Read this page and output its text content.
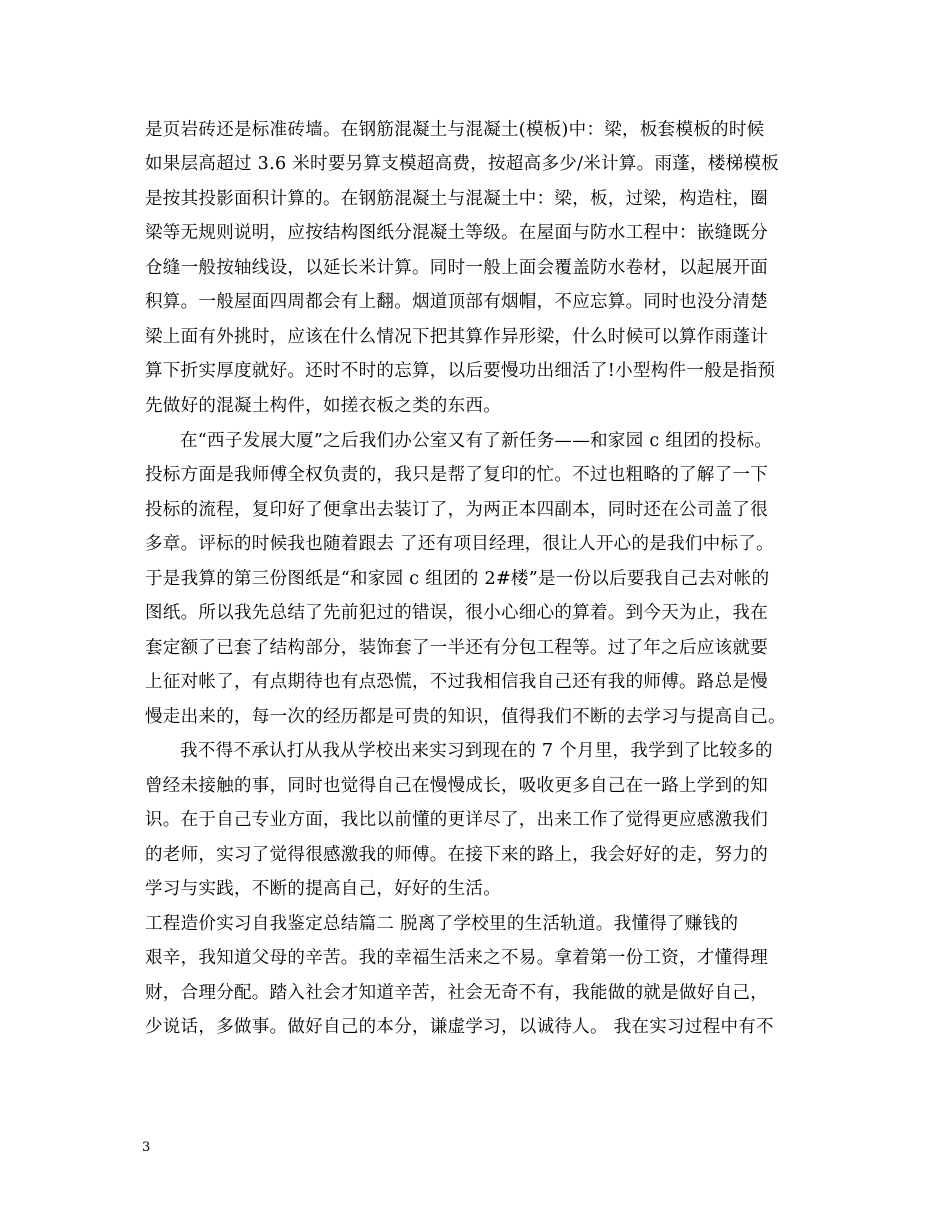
是页岩砖还是标准砖墙。在钢筋混凝土与混凝土(模板)中：梁，板套模板的时候
如果层高超过 3.6 米时要另算支模超高费，按超高多少/米计算。雨蓬，楼梯模板
是按其投影面积计算的。在钢筋混凝土与混凝土中：梁，板，过梁，构造柱，圈
梁等无规则说明，应按结构图纸分混凝土等级。在屋面与防水工程中：嵌缝既分
仓缝一般按轴线设，以延长米计算。同时一般上面会覆盖防水卷材，以起展开面
积算。一般屋面四周都会有上翻。烟道顶部有烟帽，不应忘算。同时也没分清楚
梁上面有外挑时，应该在什么情况下把其算作异形梁，什么时候可以算作雨蓬计
算下折实厚度就好。还时不时的忘算，以后要慢功出细活了!小型构件一般是指预
先做好的混凝土构件，如搓衣板之类的东西。
在“西子发展大厦”之后我们办公室又有了新任务——和家园 c 组团的投标。
投标方面是我师傅全权负责的，我只是帮了复印的忙。不过也粗略的了解了一下
投标的流程，复印好了便拿出去装订了，为两正本四副本，同时还在公司盖了很
多章。评标的时候我也随着跟去 了还有项目经理，很让人开心的是我们中标了。
于是我算的第三份图纸是“和家园 c 组团的 2#楼”是一份以后要我自己去对帐的
图纸。所以我先总结了先前犯过的错误，很小心细心的算着。到今天为止，我在
套定额了已套了结构部分，装饰套了一半还有分包工程等。过了年之后应该就要
上征对帐了，有点期待也有点恐慌，不过我相信我自己还有我的师傅。路总是慢
慢走出来的，每一次的经历都是可贵的知识，值得我们不断的去学习与提高自己。
我不得不承认打从我从学校出来实习到现在的 7 个月里，我学到了比较多的
曾经未接触的事，同时也觉得自己在慢慢成长，吸收更多自己在一路上学到的知
识。在于自己专业方面，我比以前懂的更详尽了，出来工作了觉得更应感激我们
的老师，实习了觉得很感激我的师傅。在接下来的路上，我会好好的走，努力的
学习与实践，不断的提高自己，好好的生活。
工程造价实习自我鉴定总结篇二 脱离了学校里的生活轨道。我懂得了赚钱的
艰辛，我知道父母的辛苦。我的幸福生活来之不易。拿着第一份工资，才懂得理
财，合理分配。踏入社会才知道辛苦，社会无奇不有，我能做的就是做好自己，
少说话，多做事。做好自己的本分，谦虚学习，以诚待人。 我在实习过程中有不
3
